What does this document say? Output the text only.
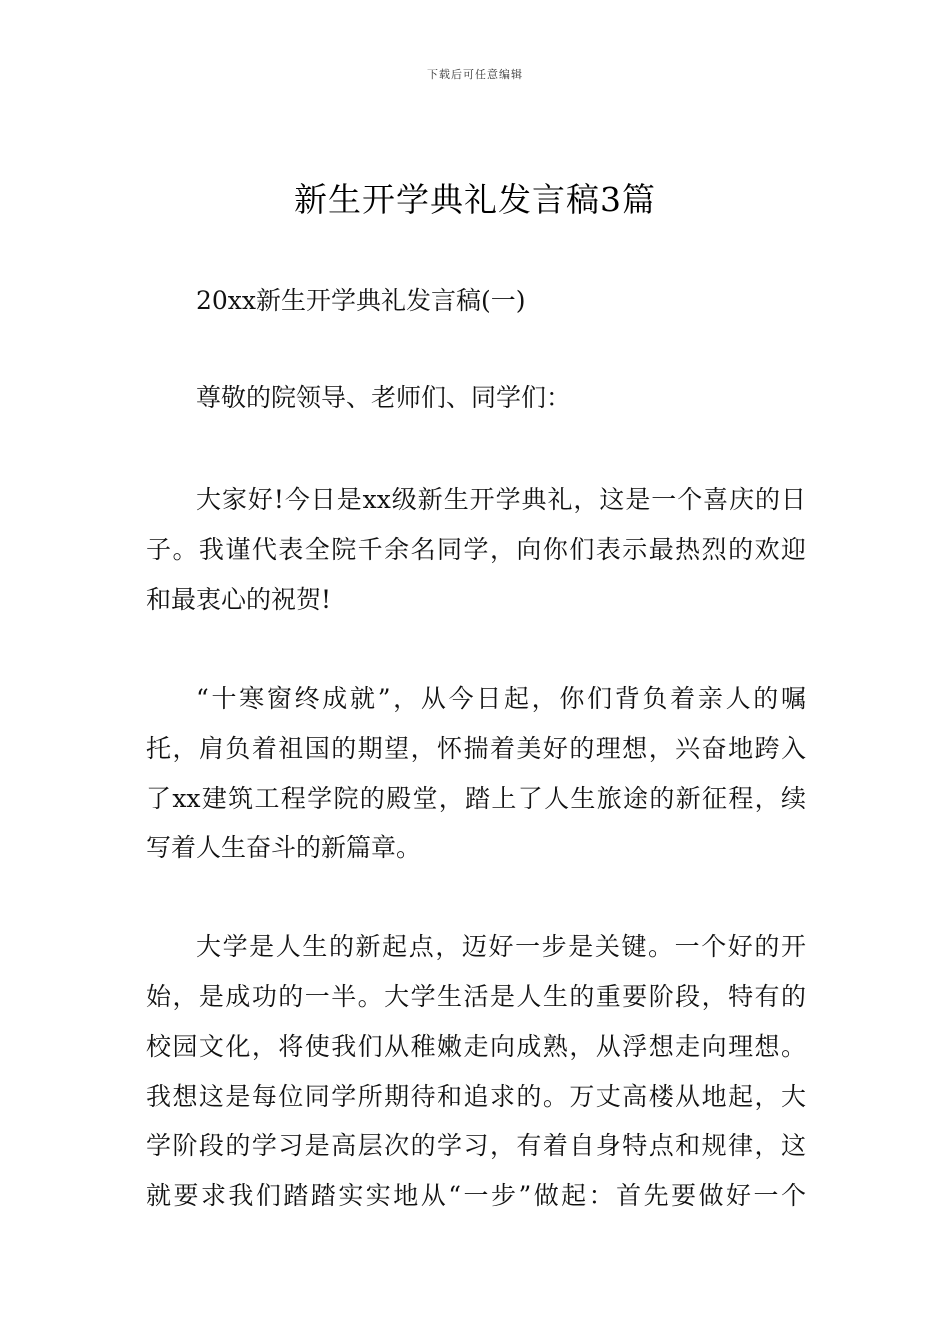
下载后可任意编辑
新生开学典礼发言稿3篇
20xx新生开学典礼发言稿(一)
尊敬的院领导、老师们、同学们：
大家好!今日是xx级新生开学典礼，这是一个喜庆的日
子。我谨代表全院千余名同学，向你们表示最热烈的欢迎
和最衷心的祝贺!
“十寒窗终成就”，从今日起，你们背负着亲人的嘱
托，肩负着祖国的期望，怀揣着美好的理想，兴奋地跨入
了xx建筑工程学院的殿堂，踏上了人生旅途的新征程，续
写着人生奋斗的新篇章。
大学是人生的新起点，迈好一步是关键。一个好的开
始，是成功的一半。大学生活是人生的重要阶段，特有的
校园文化，将使我们从稚嫩走向成熟，从浮想走向理想。
我想这是每位同学所期待和追求的。万丈高楼从地起，大
学阶段的学习是高层次的学习，有着自身特点和规律，这
就要求我们踏踏实实地从“一步”做起：首先要做好一个
